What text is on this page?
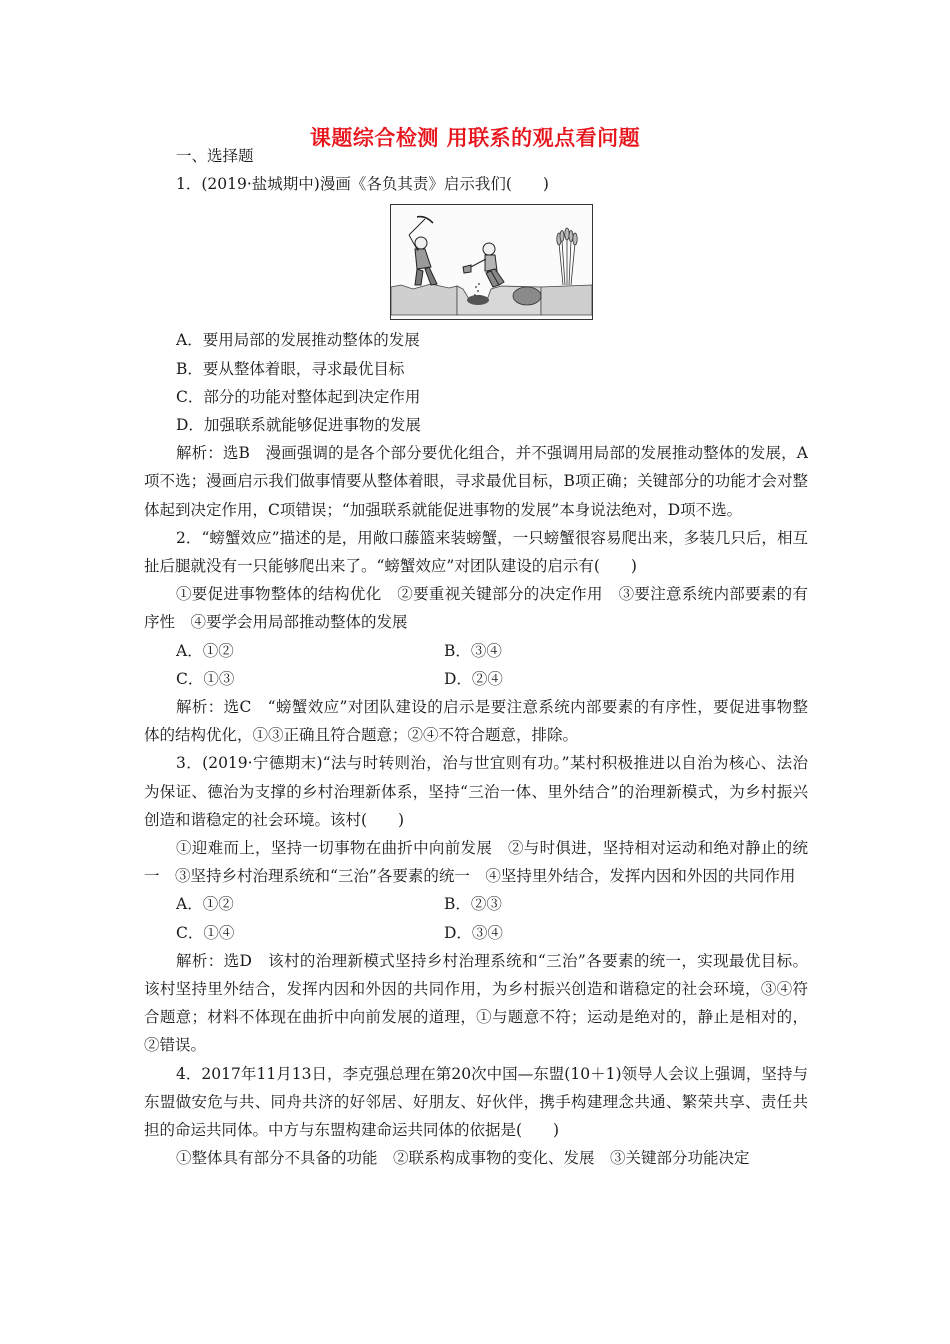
课题综合检测 用联系的观点看问题

一、选择题

1．(2019·盐城期中)漫画《各负其责》启示我们(　　)

A．要用局部的发展推动整体的发展

B．要从整体着眼，寻求最优目标

C．部分的功能对整体起到决定作用

D．加强联系就能够促进事物的发展

解析：选B　漫画强调的是各个部分要优化组合，并不强调用局部的发展推动整体的发展，A项不选；漫画启示我们做事情要从整体着眼，寻求最优目标，B项正确；关键部分的功能才会对整体起到决定作用，C项错误；“加强联系就能促进事物的发展”本身说法绝对，D项不选。

2．“螃蟹效应”描述的是，用敞口藤篮来装螃蟹，一只螃蟹很容易爬出来，多装几只后，相互扯后腿就没有一只能够爬出来了。“螃蟹效应”对团队建设的启示有(　　)

①要促进事物整体的结构优化　②要重视关键部分的决定作用　③要注意系统内部要素的有序性　④要学会用局部推动整体的发展

A．①②	B．③④
C．①③	D．②④

解析：选C　“螃蟹效应”对团队建设的启示是要注意系统内部要素的有序性，要促进事物整体的结构优化，①③正确且符合题意；②④不符合题意，排除。

3．(2019·宁德期末)“法与时转则治，治与世宜则有功。”某村积极推进以自治为核心、法治为保证、德治为支撑的乡村治理新体系，坚持“三治一体、里外结合”的治理新模式，为乡村振兴创造和谐稳定的社会环境。该村(　　)

①迎难而上，坚持一切事物在曲折中向前发展　②与时俱进，坚持相对运动和绝对静止的统一　③坚持乡村治理系统和“三治”各要素的统一　④坚持里外结合，发挥内因和外因的共同作用

A．①②	B．②③
C．①④	D．③④

解析：选D　该村的治理新模式坚持乡村治理系统和“三治”各要素的统一，实现最优目标。该村坚持里外结合，发挥内因和外因的共同作用，为乡村振兴创造和谐稳定的社会环境，③④符合题意；材料不体现在曲折中向前发展的道理，①与题意不符；运动是绝对的，静止是相对的，②错误。

4．2017年11月13日，李克强总理在第20次中国—东盟(10＋1)领导人会议上强调，坚持与东盟做安危与共、同舟共济的好邻居、好朋友、好伙伴，携手构建理念共通、繁荣共享、责任共担的命运共同体。中方与东盟构建命运共同体的依据是(　　)

①整体具有部分不具备的功能　②联系构成事物的变化、发展　③关键部分功能决定
